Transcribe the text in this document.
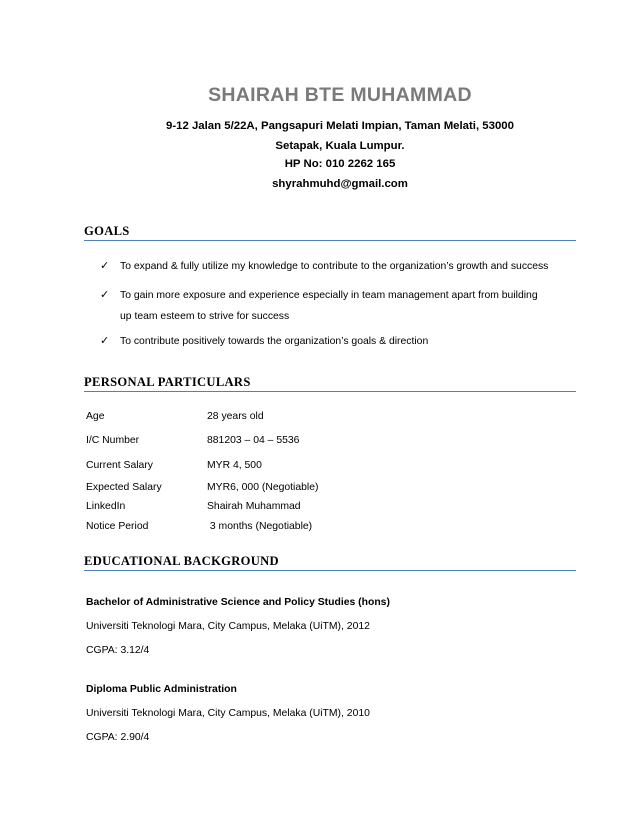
SHAIRAH BTE MUHAMMAD
9-12 Jalan 5/22A, Pangsapuri Melati Impian, Taman Melati, 53000
Setapak, Kuala Lumpur.
HP No: 010 2262 165
shyrahmuhd@gmail.com
GOALS
✓ To expand & fully utilize my knowledge to contribute to the organization’s growth and success
✓ To gain more exposure and experience especially in team management apart from building
up team esteem to strive for success
✓ To contribute positively towards the organization’s goals & direction
PERSONAL PARTICULARS
Age	28 years old
I/C Number	881203 – 04 – 5536
Current Salary	MYR 4, 500
Expected Salary	MYR6, 000 (Negotiable)
LinkedIn	Shairah Muhammad
Notice Period	3 months (Negotiable)
EDUCATIONAL BACKGROUND
Bachelor of Administrative Science and Policy Studies (hons)
Universiti Teknologi Mara, City Campus, Melaka (UiTM), 2012
CGPA: 3.12/4
Diploma Public Administration
Universiti Teknologi Mara, City Campus, Melaka (UiTM), 2010
CGPA: 2.90/4
